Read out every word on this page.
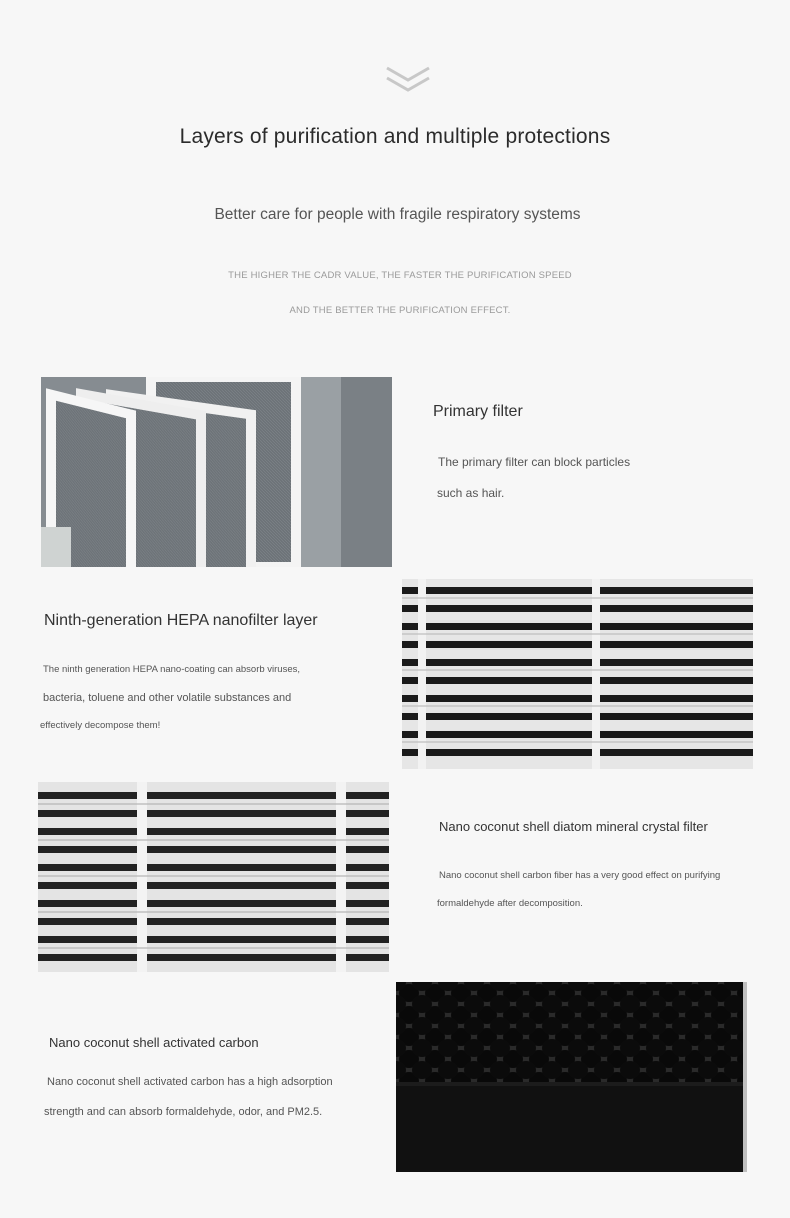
Layers of purification and multiple protections
Better care for people with fragile respiratory systems
THE HIGHER THE CADR VALUE, THE FASTER THE PURIFICATION SPEED
AND THE BETTER THE PURIFICATION EFFECT.
Primary filter
The primary filter can block particles
such as hair.
Ninth-generation HEPA nanofilter layer
The ninth generation HEPA nano-coating can absorb viruses,
bacteria, toluene and other volatile substances and
effectively decompose them!
Nano coconut shell diatom mineral crystal filter
Nano coconut shell carbon fiber has a very good effect on purifying
formaldehyde after decomposition.
Nano coconut shell activated carbon
Nano coconut shell activated carbon has a high adsorption
strength and can absorb formaldehyde, odor, and PM2.5.
